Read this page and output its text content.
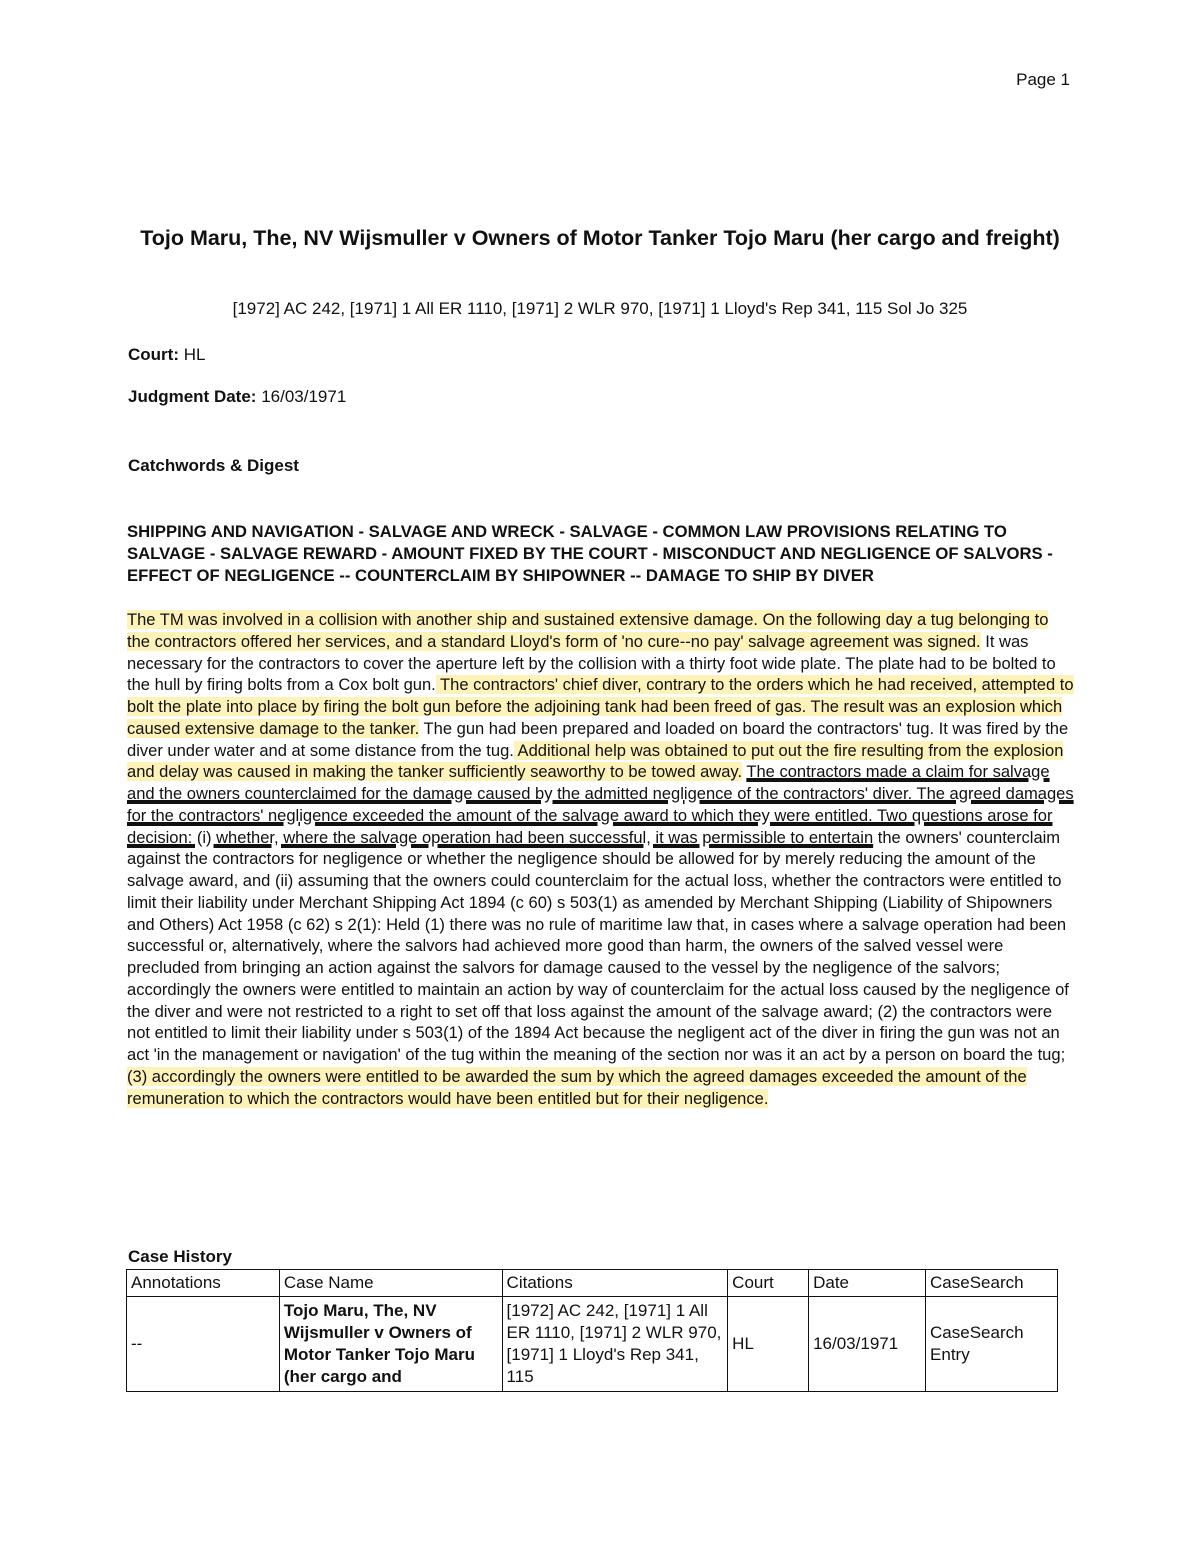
Page 1
Tojo Maru, The, NV Wijsmuller v Owners of Motor Tanker Tojo Maru (her cargo and freight)
[1972] AC 242, [1971] 1 All ER 1110, [1971] 2 WLR 970, [1971] 1 Lloyd's Rep 341, 115 Sol Jo 325
Court: HL
Judgment Date: 16/03/1971
Catchwords & Digest
SHIPPING AND NAVIGATION - SALVAGE AND WRECK - SALVAGE - COMMON LAW PROVISIONS RELATING TO SALVAGE - SALVAGE REWARD - AMOUNT FIXED BY THE COURT - MISCONDUCT AND NEGLIGENCE OF SALVORS - EFFECT OF NEGLIGENCE -- COUNTERCLAIM BY SHIPOWNER -- DAMAGE TO SHIP BY DIVER
The TM was involved in a collision with another ship and sustained extensive damage. On the following day a tug belonging to the contractors offered her services, and a standard Lloyd's form of 'no cure--no pay' salvage agreement was signed. It was necessary for the contractors to cover the aperture left by the collision with a thirty foot wide plate. The plate had to be bolted to the hull by firing bolts from a Cox bolt gun. The contractors' chief diver, contrary to the orders which he had received, attempted to bolt the plate into place by firing the bolt gun before the adjoining tank had been freed of gas. The result was an explosion which caused extensive damage to the tanker. The gun had been prepared and loaded on board the contractors' tug. It was fired by the diver under water and at some distance from the tug. Additional help was obtained to put out the fire resulting from the explosion and delay was caused in making the tanker sufficiently seaworthy to be towed away. The contractors made a claim for salvage and the owners counterclaimed for the damage caused by the admitted negligence of the contractors' diver. The agreed damages for the contractors' negligence exceeded the amount of the salvage award to which they were entitled. Two questions arose for decision: (i) whether, where the salvage operation had been successful, it was permissible to entertain the owners' counterclaim against the contractors for negligence or whether the negligence should be allowed for by merely reducing the amount of the salvage award, and (ii) assuming that the owners could counterclaim for the actual loss, whether the contractors were entitled to limit their liability under Merchant Shipping Act 1894 (c 60) s 503(1) as amended by Merchant Shipping (Liability of Shipowners and Others) Act 1958 (c 62) s 2(1): Held (1) there was no rule of maritime law that, in cases where a salvage operation had been successful or, alternatively, where the salvors had achieved more good than harm, the owners of the salved vessel were precluded from bringing an action against the salvors for damage caused to the vessel by the negligence of the salvors; accordingly the owners were entitled to maintain an action by way of counterclaim for the actual loss caused by the negligence of the diver and were not restricted to a right to set off that loss against the amount of the salvage award; (2) the contractors were not entitled to limit their liability under s 503(1) of the 1894 Act because the negligent act of the diver in firing the gun was not an act 'in the management or navigation' of the tug within the meaning of the section nor was it an act by a person on board the tug; (3) accordingly the owners were entitled to be awarded the sum by which the agreed damages exceeded the amount of the remuneration to which the contractors would have been entitled but for their negligence.
Case History
Annotations	Case Name	Citations	Court	Date	CaseSearch
--	Tojo Maru, The, NV Wijsmuller v Owners of Motor Tanker Tojo Maru (her cargo and	[1972] AC 242, [1971] 1 All ER 1110, [1971] 2 WLR 970, [1971] 1 Lloyd's Rep 341, 115	HL	16/03/1971	CaseSearch Entry
